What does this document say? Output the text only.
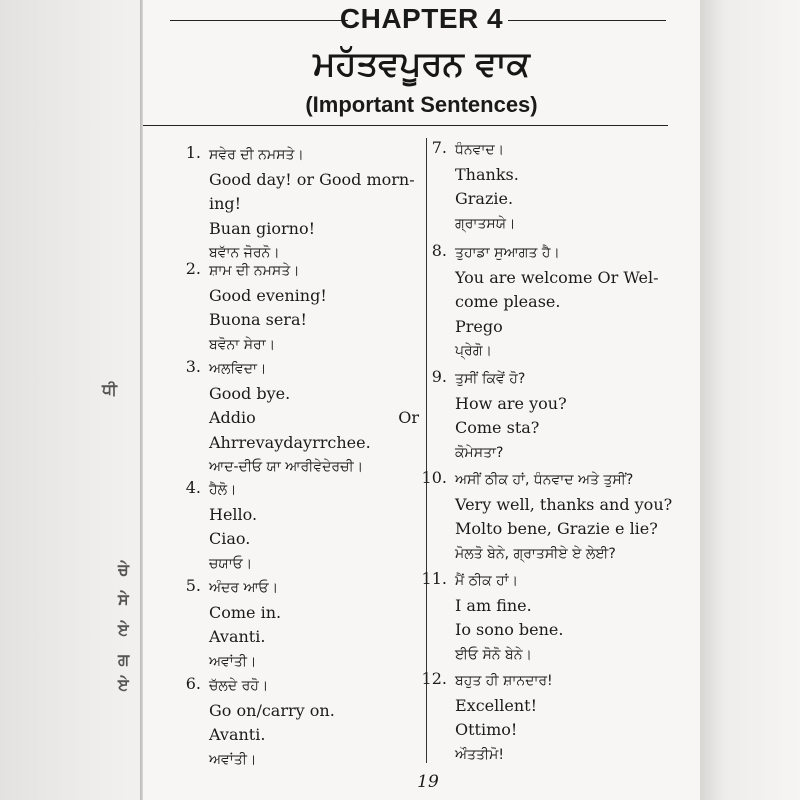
ਧੀ
ਚੇ
ਸੇ
ਏ
ਗ
ਏ
CHAPTER 4
ਮਹੱਤਵਪੂਰਨ ਵਾਕ
(Important Sentences)
1. ਸਵੇਰ ਦੀ ਨਮਸਤੇ।
Good day! or Good morn-
ing!
Buan giorno!
ਬਵਾੱਨ ਜੋਰਨੋ।
2. ਸ਼ਾਮ ਦੀ ਨਮਸਤੇ।
Good evening!
Buona sera!
ਬਵੋਨਾ ਸੇਰਾ।
3. ਅਲਵਿਦਾ।
Good bye.
Addio	Or
Ahrrevaydayrrchee.
ਆਦ-ਦੀਓ ਯਾ ਆਰੀਵੇਦੇਰਚੀ।
4. ਹੈਲੋ।
Hello.
Ciao.
ਚਯਾਓ।
5. ਅੰਦਰ ਆਓ।
Come in.
Avanti.
ਅਵਾਂਤੀ।
6. ਚੱਲਦੇ ਰਹੋ।
Go on/carry on.
Avanti.
ਅਵਾਂਤੀ।
7. ਧੰਨਵਾਦ।
Thanks.
Grazie.
ਗ੍ਰਾਤਸਯੇ।
8. ਤੁਹਾਡਾ ਸੁਆਗਤ ਹੈ।
You are welcome Or Wel-
come please.
Prego
ਪ੍ਰੇਗੋ।
9. ਤੁਸੀਂ ਕਿਵੇਂ ਹੋ?
How are you?
Come sta?
ਕੋਮੇਸਤਾ?
10. ਅਸੀਂ ਠੀਕ ਹਾਂ, ਧੰਨਵਾਦ ਅਤੇ ਤੁਸੀਂ?
Very well, thanks and you?
Molto bene, Grazie e lie?
ਮੋਲਤੋ ਬੇਨੇ, ਗ੍ਰਾਤਸੀਏ ਏ ਲੇਈ?
11. ਮੈਂ ਠੀਕ ਹਾਂ।
I am fine.
Io sono bene.
ਈਓ ਸੋਨੋ ਬੇਨੇ।
12. ਬਹੁਤ ਹੀ ਸ਼ਾਨਦਾਰ!
Excellent!
Ottimo!
ਔਤਤੀਮੋ!
19
